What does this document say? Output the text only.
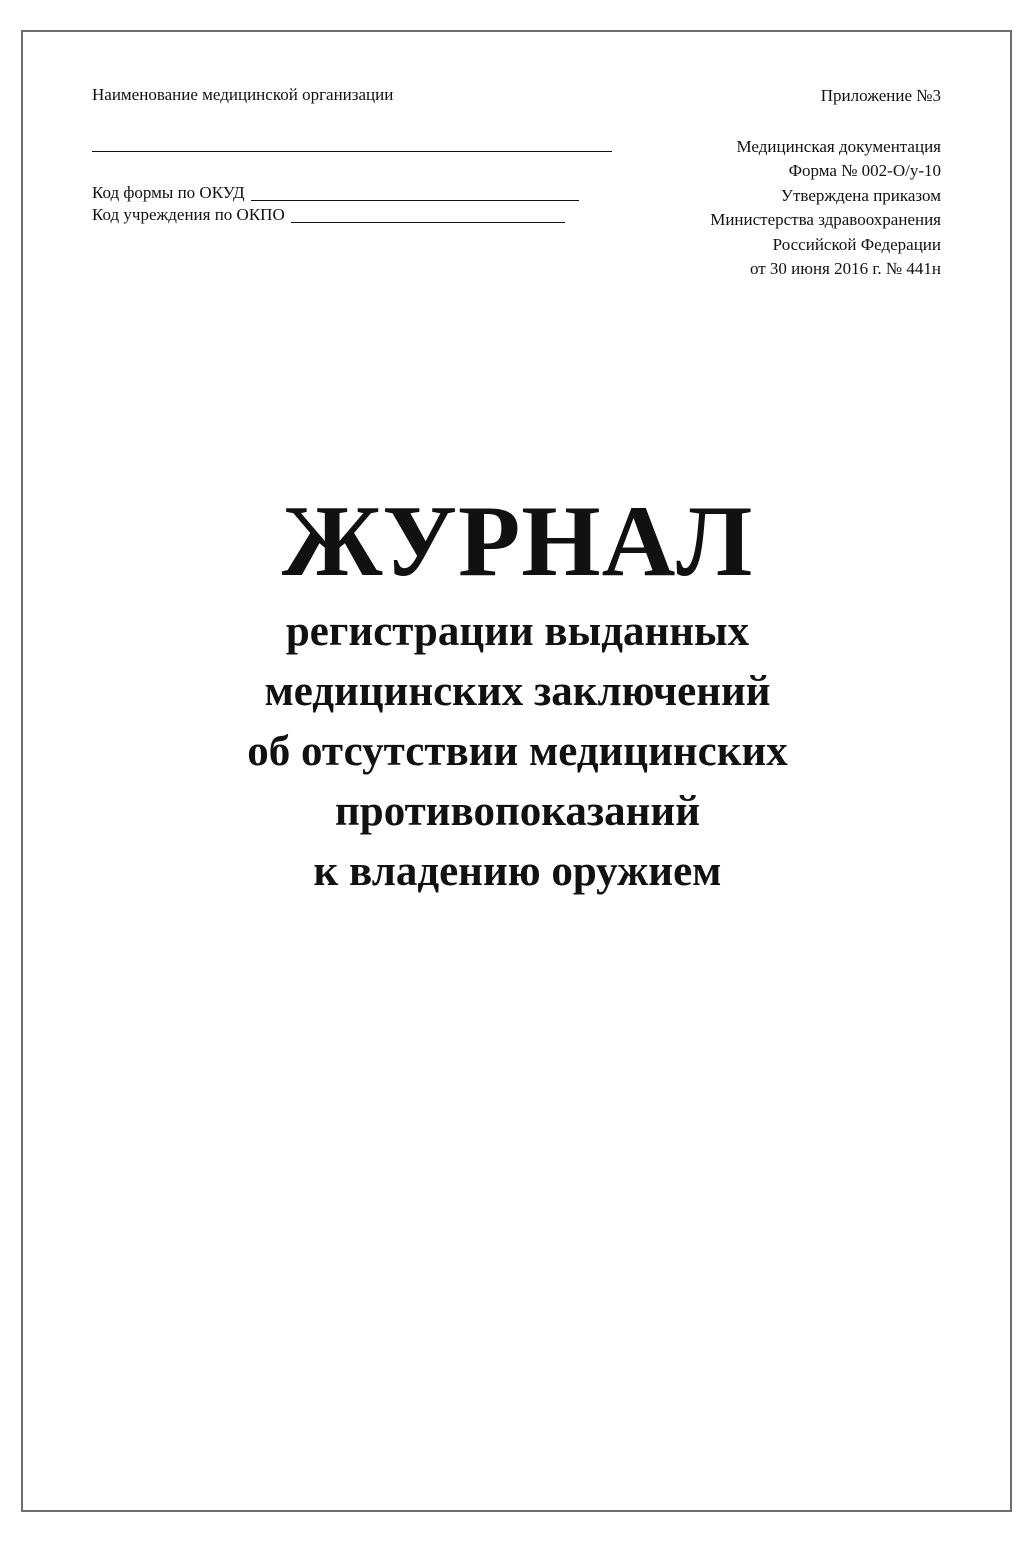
Наименование медицинской организации
Код формы по ОКУД
Код учреждения по ОКПО
Приложение №3
Медицинская документация
Форма № 002-О/у-10
Утверждена приказом
Министерства здравоохранения
Российской Федерации
от 30 июня 2016 г. № 441н
ЖУРНАЛ
регистрации выданных
медицинских заключений
об отсутствии медицинских
противопоказаний
к владению оружием
